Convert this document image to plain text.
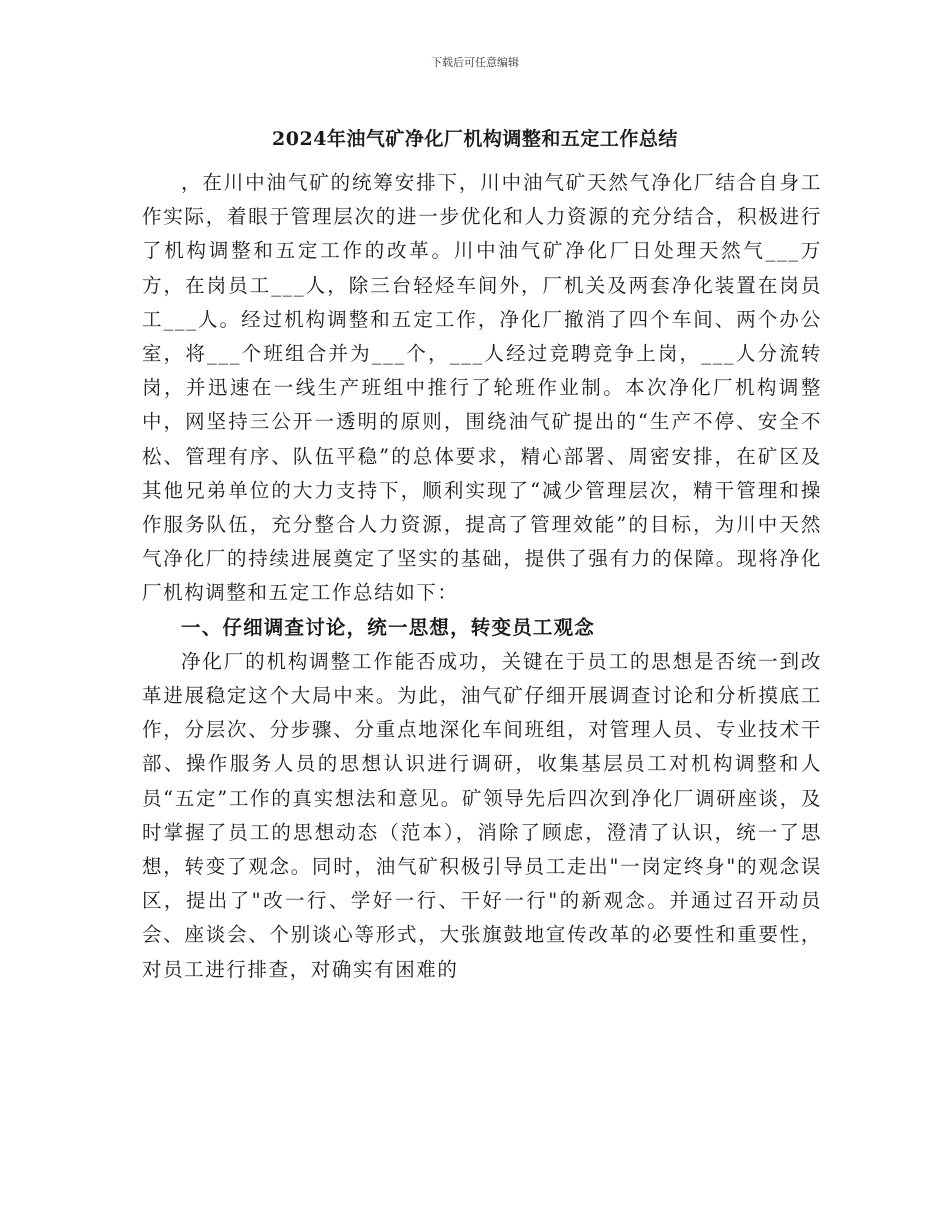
下载后可任意编辑
2024年油气矿净化厂机构调整和五定工作总结

，在川中油气矿的统筹安排下，川中油气矿天然气净化厂结合自身工作实际，着眼于管理层次的进一步优化和人力资源的充分结合，积极进行了机构调整和五定工作的改革。川中油气矿净化厂日处理天然气___万方，在岗员工___人，除三台轻烃车间外，厂机关及两套净化装置在岗员工___人。经过机构调整和五定工作，净化厂撤消了四个车间、两个办公室，将___个班组合并为___个，___人经过竞聘竞争上岗，___人分流转岗，并迅速在一线生产班组中推行了轮班作业制。本次净化厂机构调整中，网坚持三公开一透明的原则，围绕油气矿提出的“生产不停、安全不松、管理有序、队伍平稳”的总体要求，精心部署、周密安排，在矿区及其他兄弟单位的大力支持下，顺利实现了“减少管理层次，精干管理和操作服务队伍，充分整合人力资源，提高了管理效能”的目标，为川中天然气净化厂的持续进展奠定了坚实的基础，提供了强有力的保障。现将净化厂机构调整和五定工作总结如下：

一、仔细调查讨论，统一思想，转变员工观念

净化厂的机构调整工作能否成功，关键在于员工的思想是否统一到改革进展稳定这个大局中来。为此，油气矿仔细开展调查讨论和分析摸底工作，分层次、分步骤、分重点地深化车间班组，对管理人员、专业技术干部、操作服务人员的思想认识进行调研，收集基层员工对机构调整和人员“五定”工作的真实想法和意见。矿领导先后四次到净化厂调研座谈，及时掌握了员工的思想动态（范本），消除了顾虑，澄清了认识，统一了思想，转变了观念。同时，油气矿积极引导员工走出"一岗定终身"的观念误区，提出了"改一行、学好一行、干好一行"的新观念。并通过召开动员会、座谈会、个别谈心等形式，大张旗鼓地宣传改革的必要性和重要性，对员工进行排查，对确实有困难的
